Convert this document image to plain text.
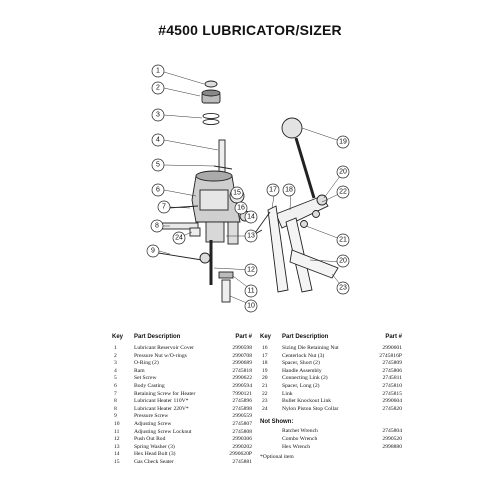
#4500 LUBRICATOR/SIZER
1
2
3
4
5
6
7
8
9
10
11
12
13
14
15
16
17 18
19
20
21
22
23
24
20
Key Part Description	Part #
1	Lubricant Reservoir Cover	2990598
2	Pressure Nut w/O-rings	2990708
3	O-Ring (2)	2990689
4	Ram	2745818
5	Set Screw	2990622
6	Body Casting	2990594
7	Retaining Screw for Heater	7990121
8	Lubricant Heater 110V*	2745896
8	Lubricant Heater 220V*	2745898
9	Pressure Screw	2990559
10	Adjusting Screw	2745807
11	Adjusting Screw Locknut	2745808
12	Push Out Rod	2990306
13	Spring Washer (3)	2990202
14	Hex Head Bolt (3)	2990620P
15	Gas Check Seater	2745881
Key Part Description	Part #
16	Sizing Die Retaining Nut	2990601
17	Centerlock Nut (3)	2745816P
18	Spacer, Short (2)	2745809
19	Handle Assembly	2745806
20	Connecting Link (2)	2745811
21	Spacer, Long (2)	2745810
22	Link	2745815
23	Bullet Knockout Link	2990604
24	Nylon Piston Stop Collar	2745820
Not Shown:
Ratchet Wrench	2745804
Combo Wrench	2990520
Hex Wrench	2998880
*Optional item
